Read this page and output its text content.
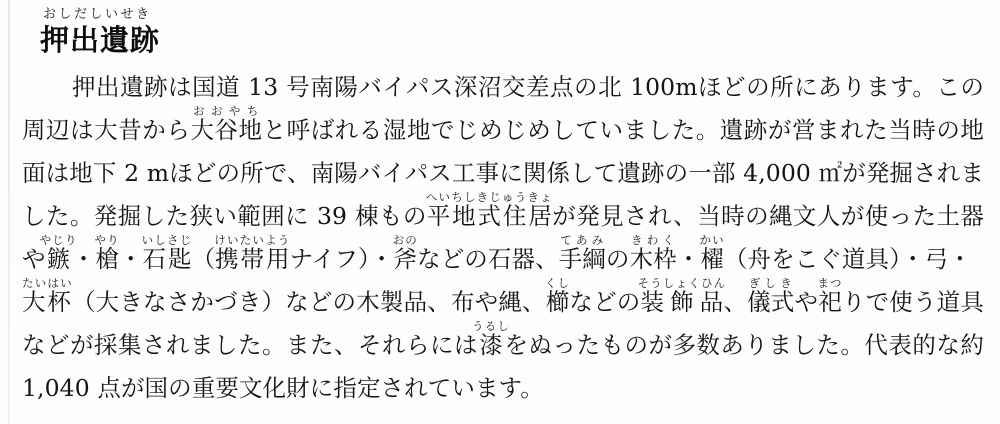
おしだしいせき
押出遺跡

　押出遺跡は国道 13 号南陽バイパス深沼交差点の北 100mほどの所にあります。この周辺は大昔から大谷地おおやちと呼ばれる湿地でじめじめしていました。遺跡が営まれた当時の地面は地下 2 mほどの所で、南陽バイパス工事に関係して遺跡の一部 4,000 ㎡が発掘されました。発掘した狭い範囲に 39 棟もの平地式住居へいちしきじゅうきょが発見され、当時の縄文人が使った土器や鏃やじり・槍やり・石匙いしさじ（携帯用けいたいようナイフ）・斧おのなどの石器、手綱てあみの木枠きわく・櫂かい（舟をこぐ道具）・弓・大杯たいはい（大きなさかづき）などの木製品、布や縄、櫛くしなどの装飾品そうしょくひん、儀式ぎしきや祀まつりで使う道具などが採集されました。また、それらには漆うるしをぬったものが多数ありました。代表的な約 1,040 点が国の重要文化財に指定されています。
